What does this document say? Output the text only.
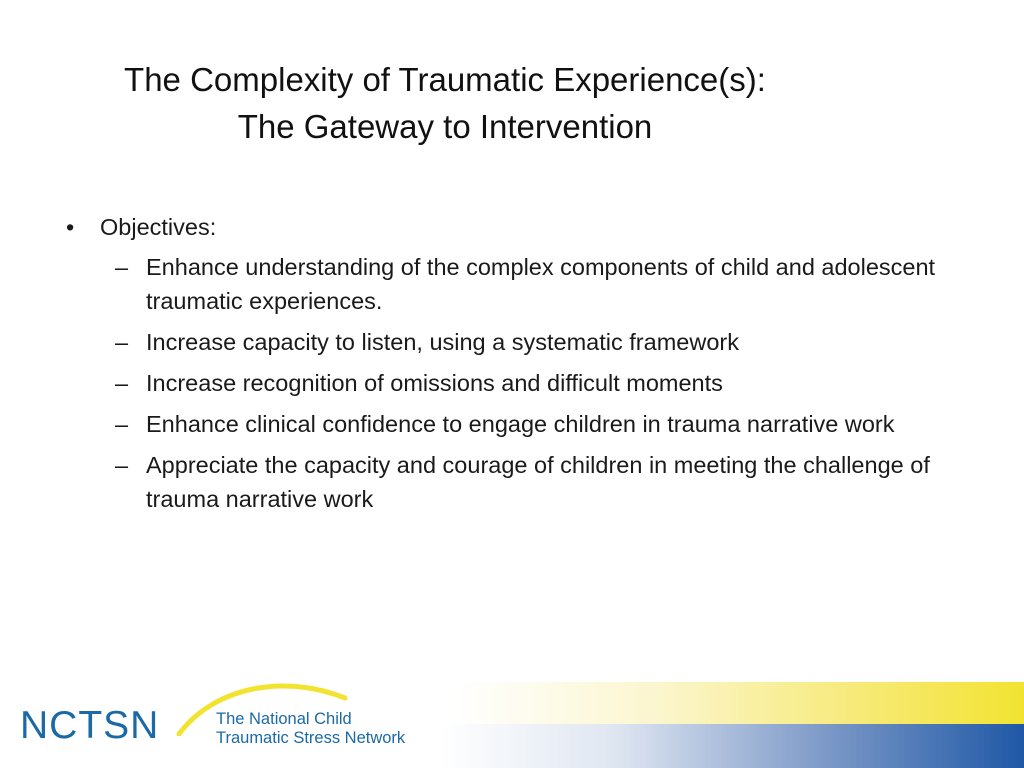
The Complexity of Traumatic Experience(s):
The Gateway to Intervention
•	Objectives:
– Enhance understanding of the complex components of child and adolescent traumatic experiences.
– Increase capacity to listen, using a systematic framework
– Increase recognition of omissions and difficult moments
– Enhance clinical confidence to engage children in trauma narrative work
– Appreciate the capacity and courage of children in meeting the challenge of trauma narrative work
NCTSN	The National Child
Traumatic Stress Network
